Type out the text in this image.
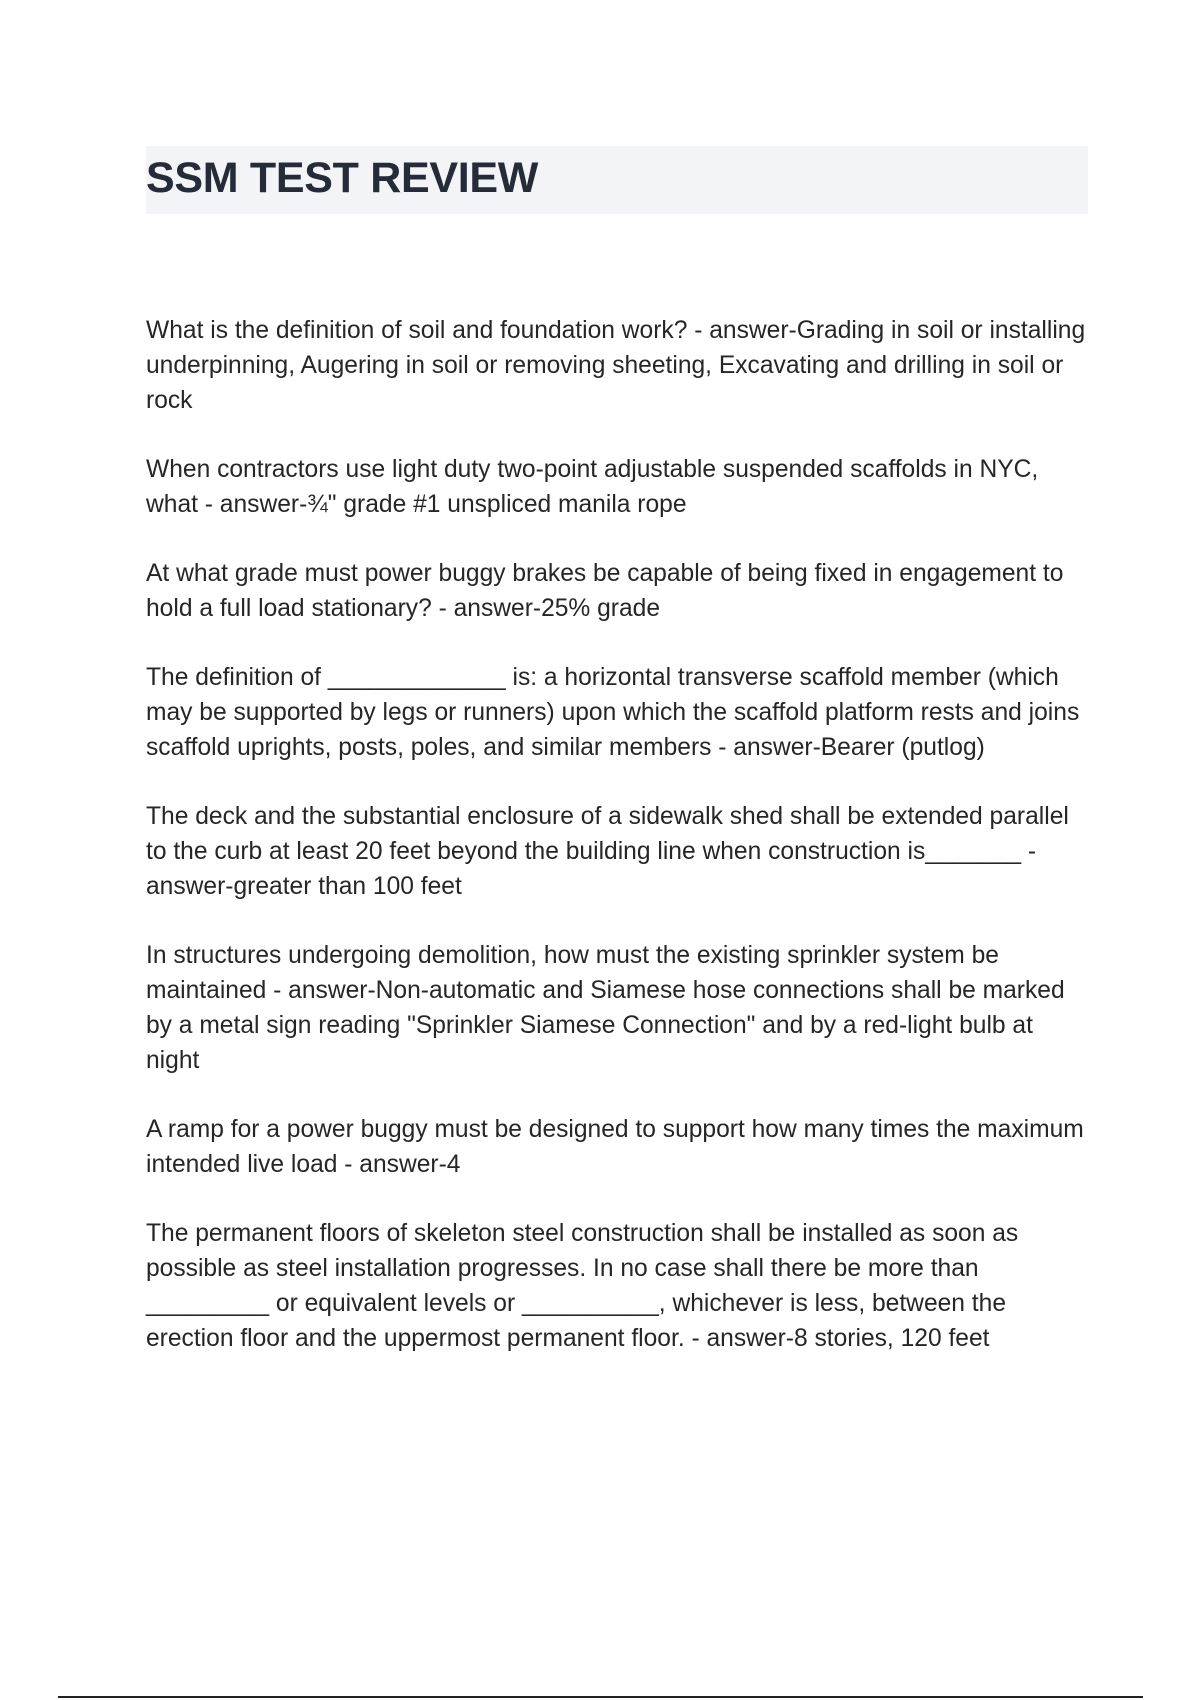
SSM TEST REVIEW

What is the definition of soil and foundation work? - answer-Grading in soil or installing underpinning, Augering in soil or removing sheeting, Excavating and drilling in soil or rock

When contractors use light duty two-point adjustable suspended scaffolds in NYC, what - answer-¾" grade #1 unspliced manila rope

At what grade must power buggy brakes be capable of being fixed in engagement to hold a full load stationary? - answer-25% grade

The definition of _____________ is: a horizontal transverse scaffold member (which may be supported by legs or runners) upon which the scaffold platform rests and joins scaffold uprights, posts, poles, and similar members - answer-Bearer (putlog)

The deck and the substantial enclosure of a sidewalk shed shall be extended parallel to the curb at least 20 feet beyond the building line when construction is_______ - answer-greater than 100 feet

In structures undergoing demolition, how must the existing sprinkler system be maintained - answer-Non-automatic and Siamese hose connections shall be marked by a metal sign reading "Sprinkler Siamese Connection" and by a red-light bulb at night

A ramp for a power buggy must be designed to support how many times the maximum intended live load - answer-4

The permanent floors of skeleton steel construction shall be installed as soon as possible as steel installation progresses. In no case shall there be more than _________ or equivalent levels or __________, whichever is less, between the erection floor and the uppermost permanent floor. - answer-8 stories, 120 feet
